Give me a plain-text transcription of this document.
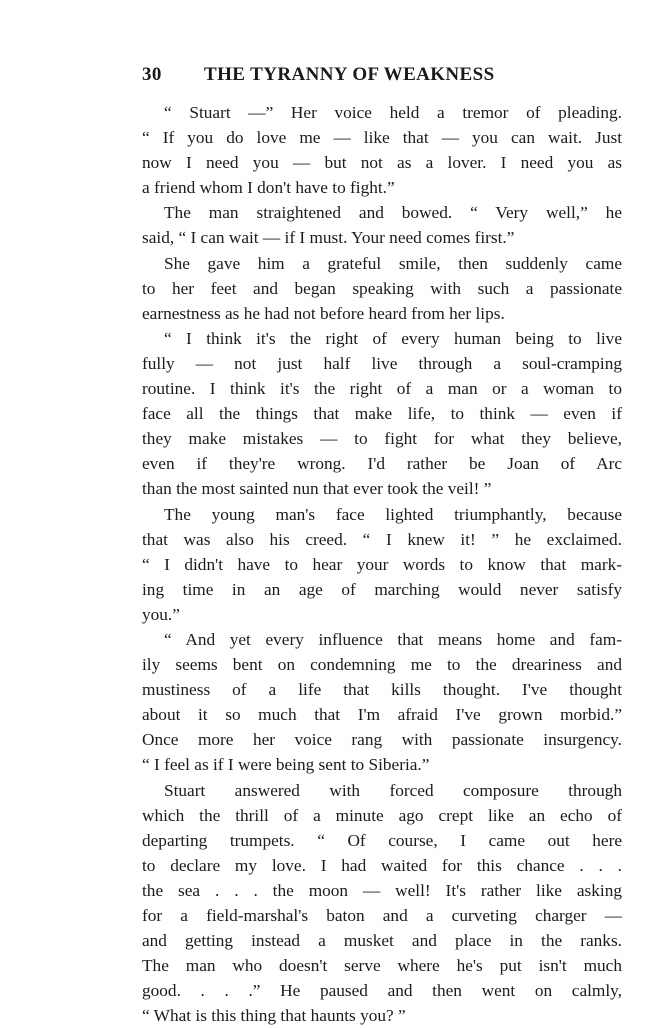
30 THE TYRANNY OF WEAKNESS
“ Stuart —” Her voice held a tremor of pleading.
“ If you do love me — like that — you can wait. Just
now I need you — but not as a lover. I need you as
a friend whom I don't have to fight.”
The man straightened and bowed. “ Very well,” he
said, “ I can wait — if I must. Your need comes first.”
She gave him a grateful smile, then suddenly came
to her feet and began speaking with such a passionate
earnestness as he had not before heard from her lips.
“ I think it's the right of every human being to live
fully — not just half live through a soul-cramping
routine. I think it's the right of a man or a woman to
face all the things that make life, to think — even if
they make mistakes — to fight for what they believe,
even if they're wrong. I'd rather be Joan of Arc
than the most sainted nun that ever took the veil! ”
The young man's face lighted triumphantly, because
that was also his creed. “ I knew it! ” he exclaimed.
“ I didn't have to hear your words to know that mark-
ing time in an age of marching would never satisfy
you.”
“ And yet every influence that means home and fam-
ily seems bent on condemning me to the dreariness and
mustiness of a life that kills thought. I've thought
about it so much that I'm afraid I've grown morbid.”
Once more her voice rang with passionate insurgency.
“ I feel as if I were being sent to Siberia.”
Stuart answered with forced composure through
which the thrill of a minute ago crept like an echo of
departing trumpets. “ Of course, I came out here
to declare my love. I had waited for this chance . . .
the sea . . . the moon — well! It's rather like asking
for a field-marshal's baton and a curveting charger —
and getting instead a musket and place in the ranks.
The man who doesn't serve where he's put isn't much
good. . . .” He paused and then went on calmly,
“ What is this thing that haunts you? ”
